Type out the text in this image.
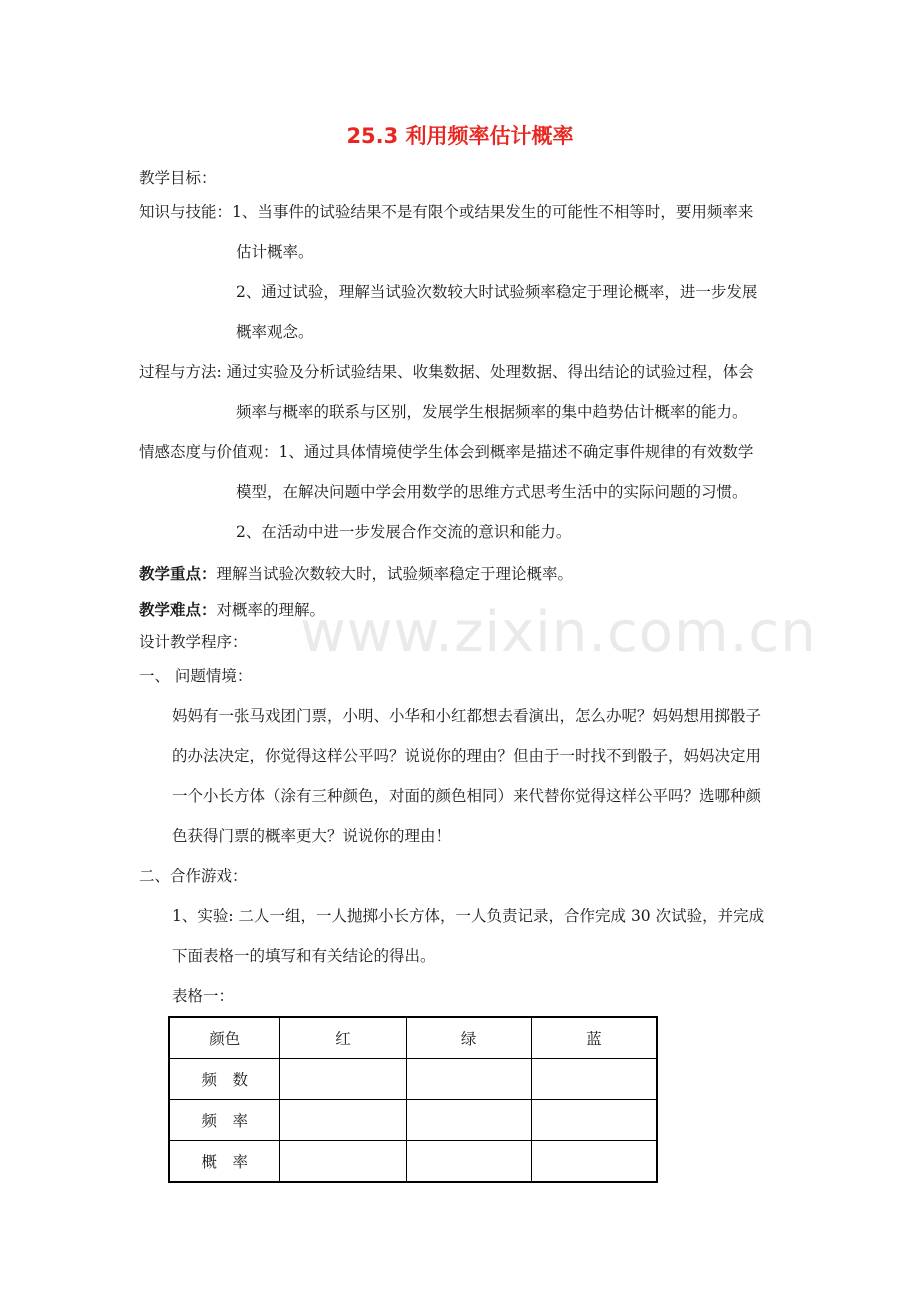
25.3 利用频率估计概率
教学目标：
知识与技能：1、当事件的试验结果不是有限个或结果发生的可能性不相等时，要用频率来
估计概率。
2、通过试验，理解当试验次数较大时试验频率稳定于理论概率，进一步发展
概率观念。
过程与方法: 通过实验及分析试验结果、收集数据、处理数据、得出结论的试验过程，体会
频率与概率的联系与区别，发展学生根据频率的集中趋势估计概率的能力。
情感态度与价值观：1、通过具体情境使学生体会到概率是描述不确定事件规律的有效数学
模型，在解决问题中学会用数学的思维方式思考生活中的实际问题的习惯。
2、在活动中进一步发展合作交流的意识和能力。
教学重点：理解当试验次数较大时，试验频率稳定于理论概率。
教学难点：对概率的理解。
设计教学程序：
一、 问题情境：
妈妈有一张马戏团门票，小明、小华和小红都想去看演出，怎么办呢？妈妈想用掷骰子
的办法决定，你觉得这样公平吗？说说你的理由？但由于一时找不到骰子，妈妈决定用
一个小长方体（涂有三种颜色，对面的颜色相同）来代替你觉得这样公平吗？选哪种颜
色获得门票的概率更大？说说你的理由！
二、合作游戏：
1、实验: 二人一组，一人抛掷小长方体，一人负责记录，合作完成 30 次试验，并完成
下面表格一的填写和有关结论的得出。
表格一：
颜色	红	绿	蓝
频　数			
频　率			
概　率			
www.zixin.com.cn
